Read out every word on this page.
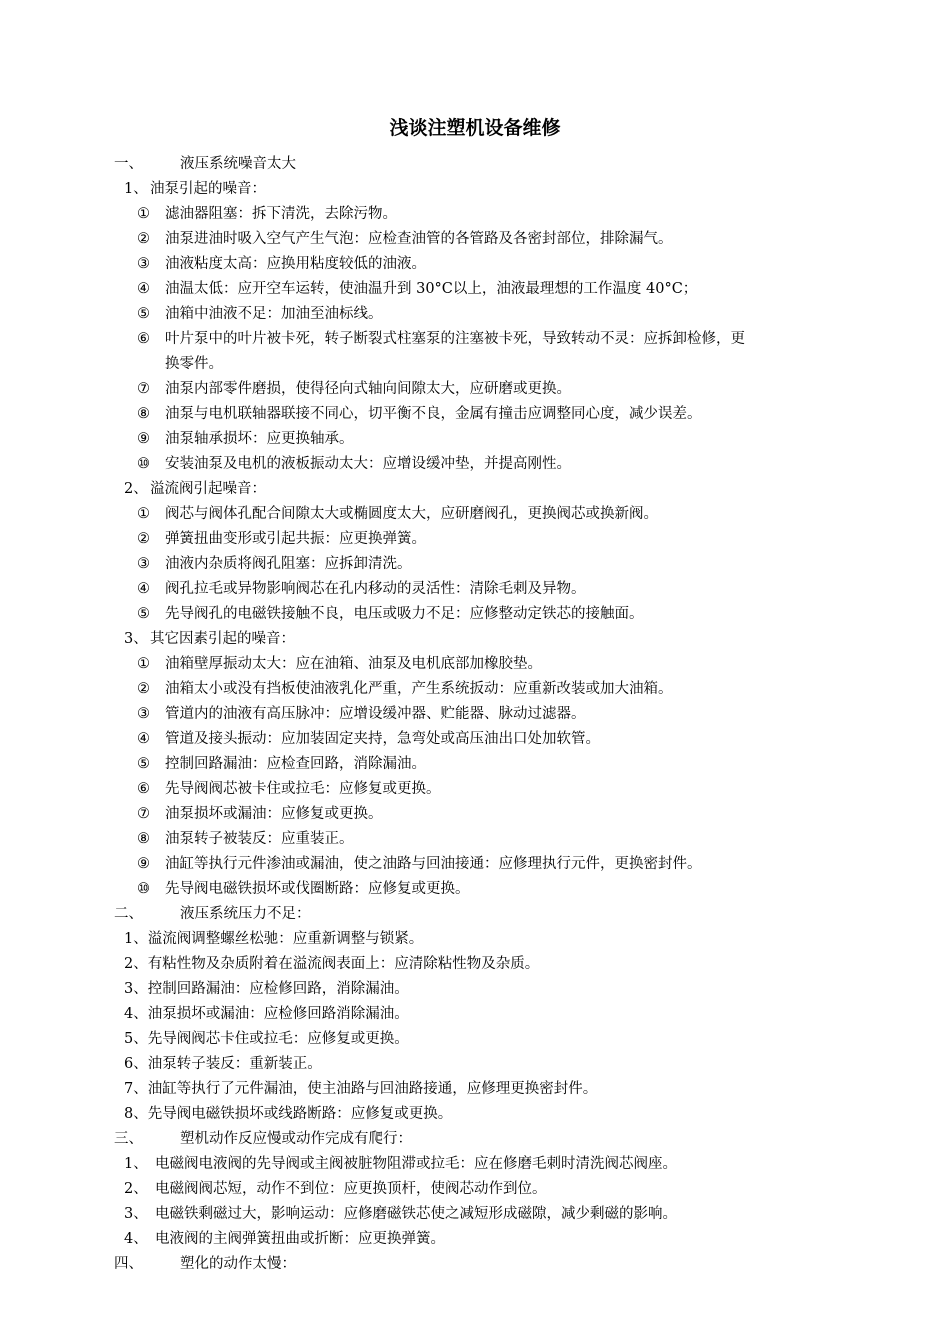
浅谈注塑机设备维修
一、	液压系统噪音太大
1、 油泵引起的噪音：
① 滤油器阻塞：拆下清洗，去除污物。
② 油泵进油时吸入空气产生气泡：应检查油管的各管路及各密封部位，排除漏气。
③ 油液粘度太高：应换用粘度较低的油液。
④ 油温太低：应开空车运转，使油温升到 30°C以上，油液最理想的工作温度 40°C；
⑤ 油箱中油液不足：加油至油标线。
⑥ 叶片泵中的叶片被卡死，转子断裂式柱塞泵的注塞被卡死，导致转动不灵：应拆卸检修，更
换零件。
⑦ 油泵内部零件磨损，使得径向式轴向间隙太大，应研磨或更换。
⑧ 油泵与电机联轴器联接不同心，切平衡不良，金属有撞击应调整同心度，减少误差。
⑨ 油泵轴承损坏：应更换轴承。
⑩ 安装油泵及电机的液板振动太大：应增设缓冲垫，并提高刚性。
2、 溢流阀引起噪音：
① 阀芯与阀体孔配合间隙太大或椭圆度太大，应研磨阀孔，更换阀芯或换新阀。
② 弹簧扭曲变形或引起共振：应更换弹簧。
③ 油液内杂质将阀孔阻塞：应拆卸清洗。
④ 阀孔拉毛或异物影响阀芯在孔内移动的灵活性：清除毛刺及异物。
⑤ 先导阀孔的电磁铁接触不良，电压或吸力不足：应修整动定铁芯的接触面。
3、 其它因素引起的噪音：
① 油箱壁厚振动太大：应在油箱、油泵及电机底部加橡胶垫。
② 油箱太小或没有挡板使油液乳化严重，产生系统扳动：应重新改装或加大油箱。
③ 管道内的油液有高压脉冲：应增设缓冲器、贮能器、脉动过滤器。
④ 管道及接头振动：应加装固定夹持，急弯处或高压油出口处加软管。
⑤ 控制回路漏油：应检查回路，消除漏油。
⑥ 先导阀阀芯被卡住或拉毛：应修复或更换。
⑦ 油泵损坏或漏油：应修复或更换。
⑧ 油泵转子被装反：应重装正。
⑨ 油缸等执行元件渗油或漏油，使之油路与回油接通：应修理执行元件，更换密封件。
⑩ 先导阀电磁铁损坏或伐圈断路：应修复或更换。
二、	液压系统压力不足：
1、溢流阀调整螺丝松驰：应重新调整与锁紧。
2、有粘性物及杂质附着在溢流阀表面上：应清除粘性物及杂质。
3、控制回路漏油：应检修回路，消除漏油。
4、油泵损坏或漏油：应检修回路消除漏油。
5、先导阀阀芯卡住或拉毛：应修复或更换。
6、油泵转子装反：重新装正。
7、油缸等执行了元件漏油，使主油路与回油路接通，应修理更换密封件。
8、先导阀电磁铁损坏或线路断路：应修复或更换。
三、	塑机动作反应慢或动作完成有爬行：
1、 电磁阀电液阀的先导阀或主阀被脏物阻滞或拉毛：应在修磨毛刺时清洗阀芯阀座。
2、 电磁阀阀芯短，动作不到位：应更换顶杆，使阀芯动作到位。
3、 电磁铁剩磁过大，影响运动：应修磨磁铁芯使之减短形成磁隙，减少剩磁的影响。
4、 电液阀的主阀弹簧扭曲或折断：应更换弹簧。
四、	塑化的动作太慢：
